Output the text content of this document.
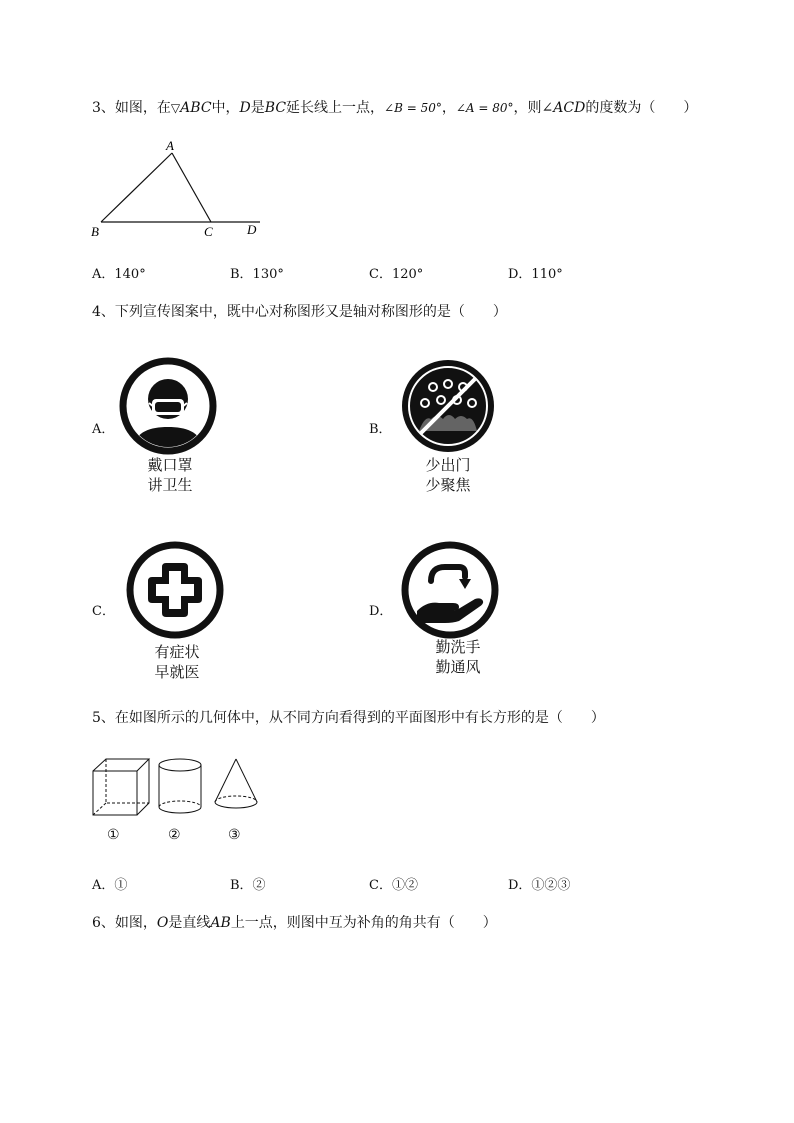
3、如图，在▽ABC中，D是BC延长线上一点，∠B = 50°，∠A = 80°，则∠ACD的度数为（　　）
A
B	C	D
A．140°	B．130°	C．120°	D．110°
4、下列宣传图案中，既中心对称图形又是轴对称图形的是（　　）
A．
戴口罩
讲卫生
B．
少出门
少聚焦
C．
有症状
早就医
D．
勤洗手
勤通风
5、在如图所示的几何体中，从不同方向看得到的平面图形中有长方形的是（　　）
①	②	③
A．①	B．②	C．①②	D．①②③
6、如图，O是直线AB上一点，则图中互为补角的角共有（　　）
